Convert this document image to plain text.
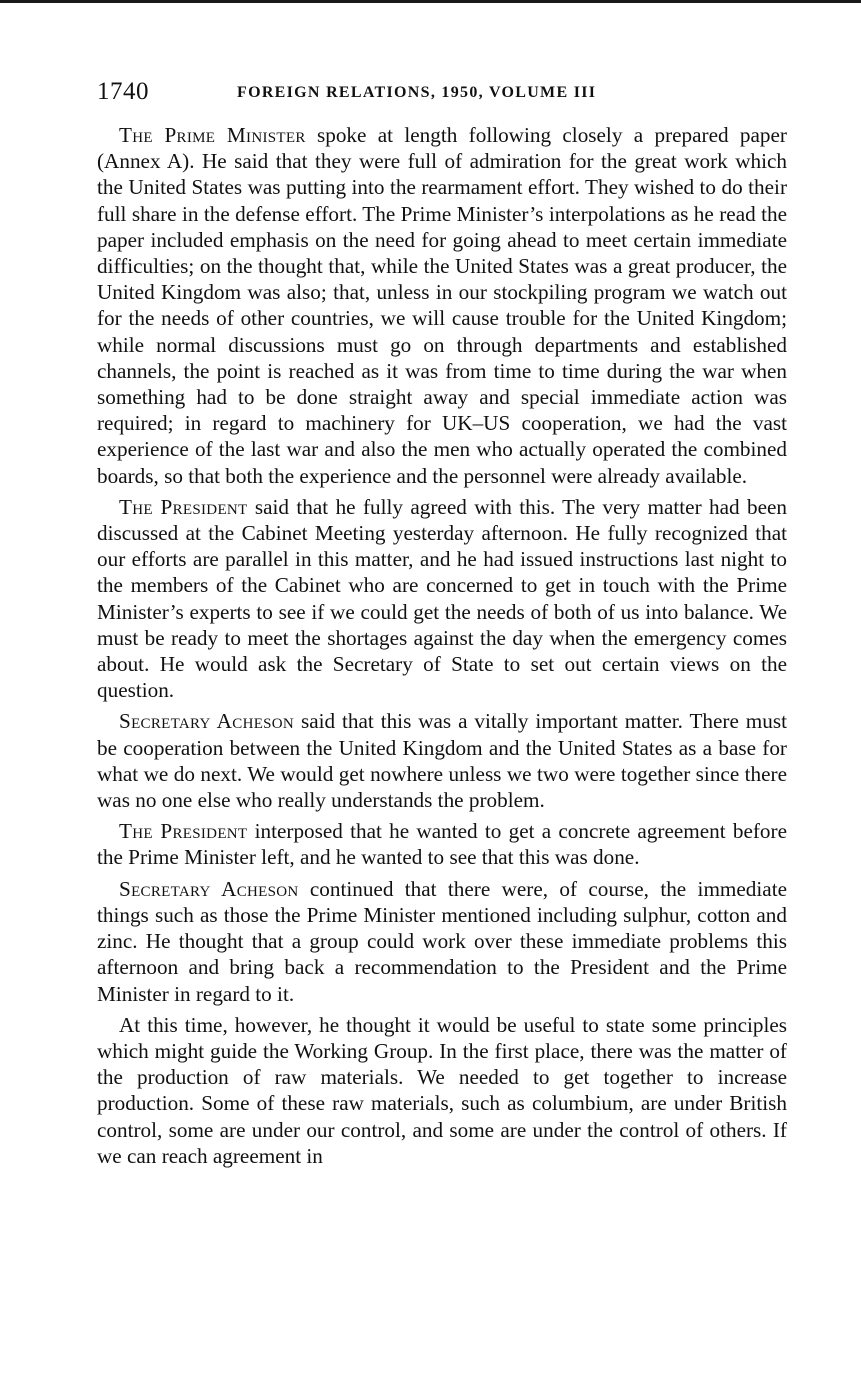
1740	FOREIGN RELATIONS, 1950, VOLUME III

The Prime Minister spoke at length following closely a prepared paper (Annex A). He said that they were full of admiration for the great work which the United States was putting into the rearmament effort. They wished to do their full share in the defense effort. The Prime Minister’s interpolations as he read the paper included emphasis on the need for going ahead to meet certain immediate difficulties; on the thought that, while the United States was a great producer, the United Kingdom was also; that, unless in our stockpiling program we watch out for the needs of other countries, we will cause trouble for the United Kingdom; while normal discussions must go on through departments and established channels, the point is reached as it was from time to time during the war when something had to be done straight away and special immediate action was required; in regard to machinery for UK–US cooperation, we had the vast experience of the last war and also the men who actually operated the combined boards, so that both the experience and the personnel were already available.

The President said that he fully agreed with this. The very matter had been discussed at the Cabinet Meeting yesterday afternoon. He fully recognized that our efforts are parallel in this matter, and he had issued instructions last night to the members of the Cabinet who are concerned to get in touch with the Prime Minister’s experts to see if we could get the needs of both of us into balance. We must be ready to meet the shortages against the day when the emergency comes about. He would ask the Secretary of State to set out certain views on the question.

Secretary Acheson said that this was a vitally important matter. There must be cooperation between the United Kingdom and the United States as a base for what we do next. We would get nowhere unless we two were together since there was no one else who really understands the problem.

The President interposed that he wanted to get a concrete agreement before the Prime Minister left, and he wanted to see that this was done.

Secretary Acheson continued that there were, of course, the immediate things such as those the Prime Minister mentioned including sulphur, cotton and zinc. He thought that a group could work over these immediate problems this afternoon and bring back a recommendation to the President and the Prime Minister in regard to it.

At this time, however, he thought it would be useful to state some principles which might guide the Working Group. In the first place, there was the matter of the production of raw materials. We needed to get together to increase production. Some of these raw materials, such as columbium, are under British control, some are under our control, and some are under the control of others. If we can reach agreement in
